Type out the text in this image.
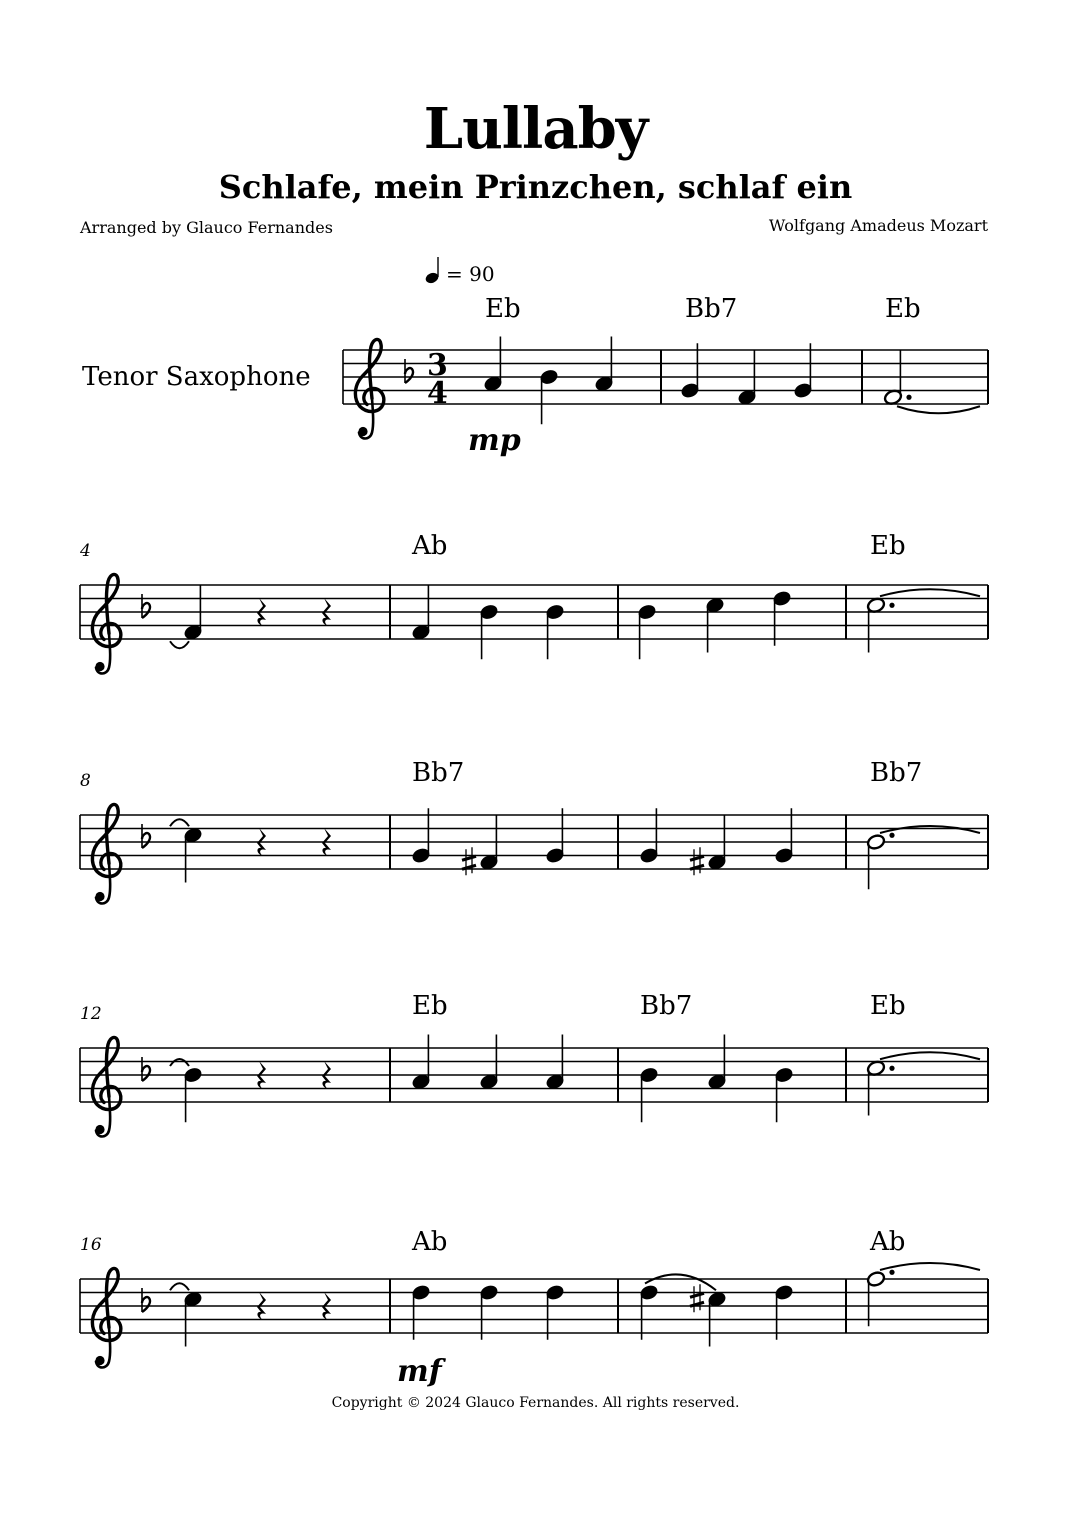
Lullaby
Schlafe, mein Prinzchen, schlaf ein
Arranged by Glauco Fernandes	Wolfgang Amadeus Mozart
Copyright © 2024 Glauco Fernandes. All rights reserved.
3
4
Eb	Bb7	Eb
4	Ab	Eb
8	Bb7	Bb7
12	Eb	Bb7	Eb
16	Ab	Ab
= 90
Tenor Saxophone
mp
mf
